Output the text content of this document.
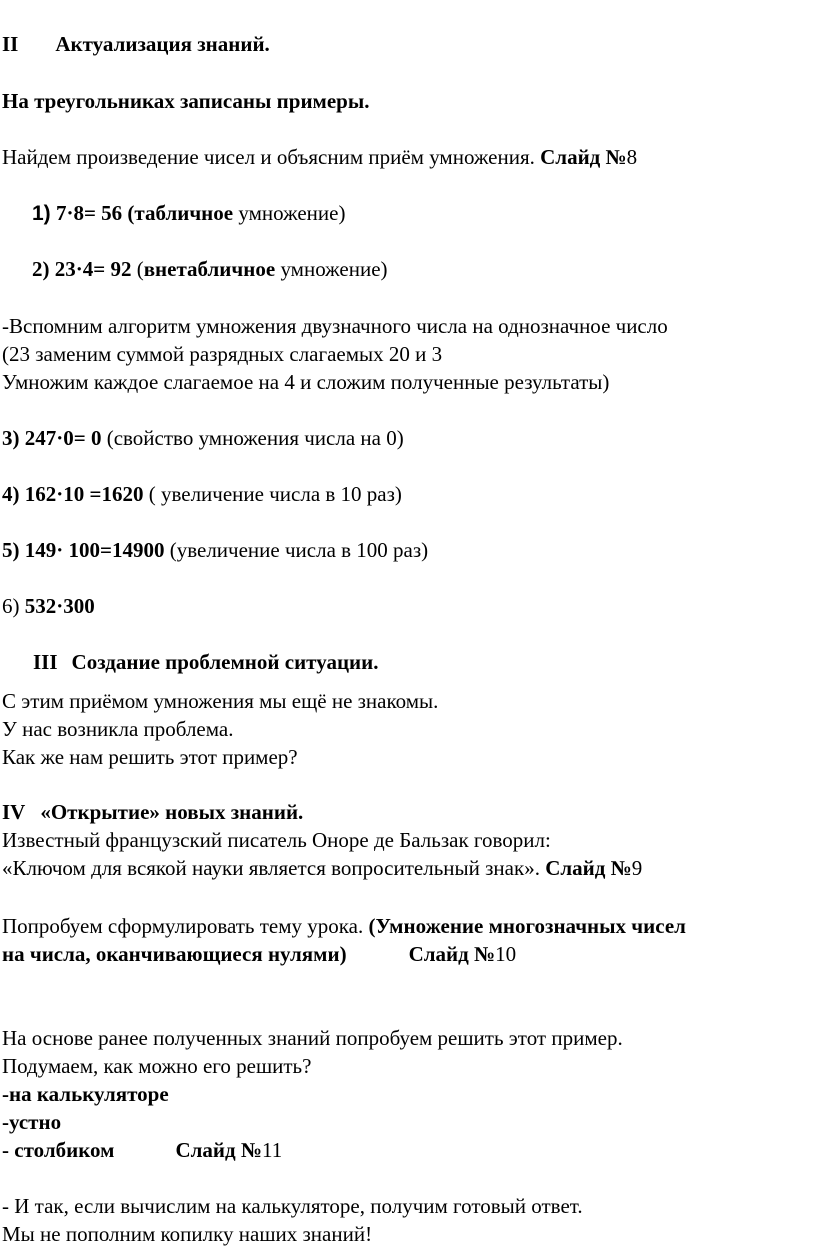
II Актуализация знаний.
На треугольниках записаны примеры.
Найдем произведение чисел и объясним приём умножения. Слайд №8
1) 7·8= 56 (табличное умножение)
2) 23·4= 92 (внетабличное умножение)
-Вспомним алгоритм умножения двузначного числа на однозначное число
(23 заменим суммой разрядных слагаемых 20 и 3
Умножим каждое слагаемое на 4 и сложим полученные результаты)
3) 247·0= 0 (свойство умножения числа на 0)
4) 162·10 =1620 ( увеличение числа в 10 раз)
5) 149· 100=14900 (увеличение числа в 100 раз)
6) 532·300
III Создание проблемной ситуации.
С этим приёмом умножения мы ещё не знакомы.
У нас возникла проблема.
Как же нам решить этот пример?
IV «Открытие» новых знаний.
Известный французский писатель Оноре де Бальзак говорил:
«Ключом для всякой науки является вопросительный знак». Слайд №9
Попробуем сформулировать тему урока. (Умножение многозначных чисел
на числа, оканчивающиеся нулями)	Слайд №10
На основе ранее полученных знаний попробуем решить этот пример.
Подумаем, как можно его решить?
-на калькуляторе
-устно
- столбиком	Слайд №11
- И так, если вычислим на калькуляторе, получим готовый ответ.
Мы не пополним копилку наших знаний!
